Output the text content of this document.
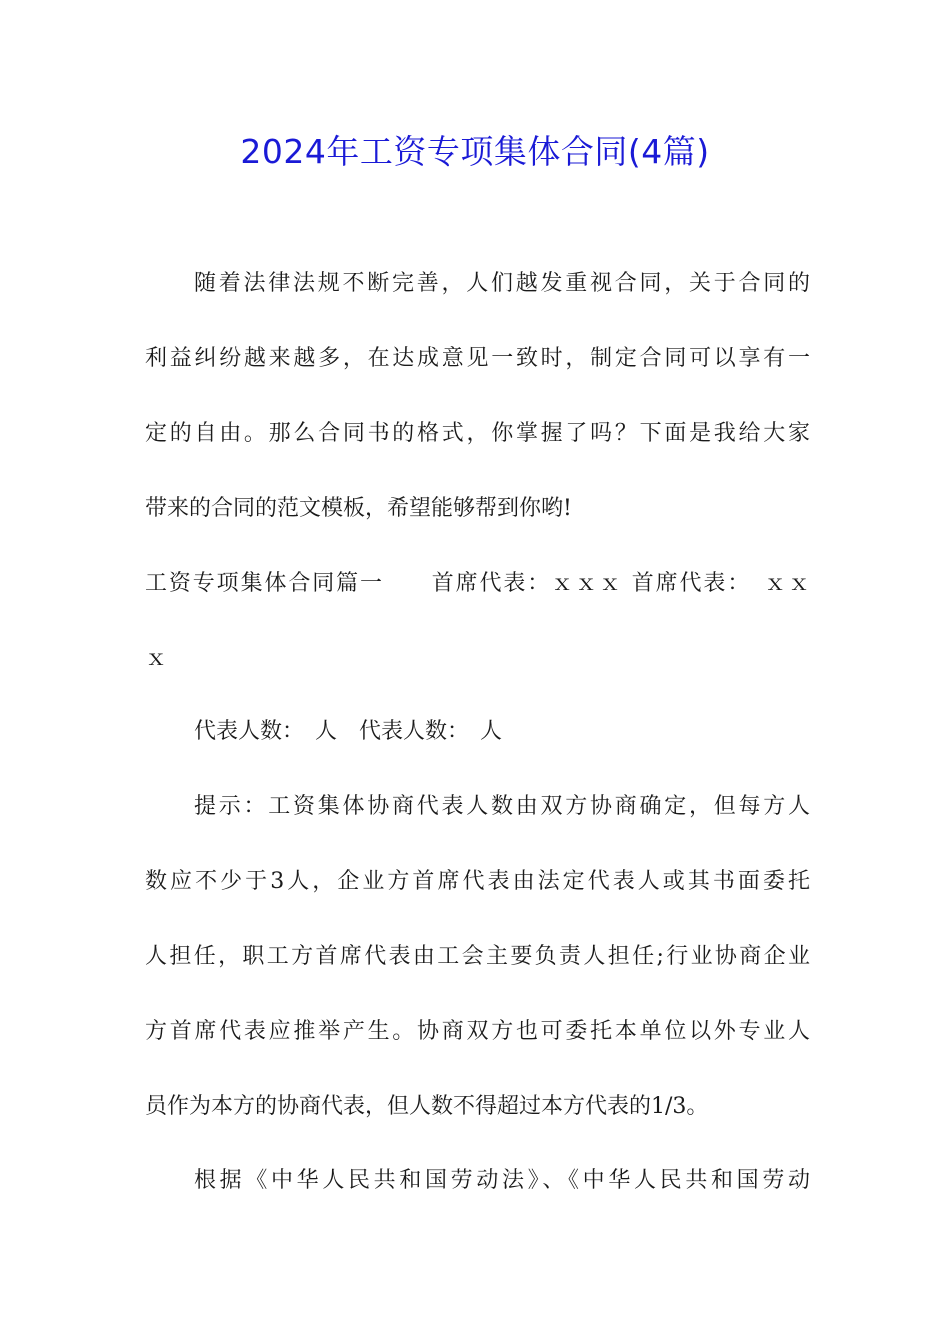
2024年工资专项集体合同(4篇)
随着法律法规不断完善，人们越发重视合同，关于合同的
利益纠纷越来越多，在达成意见一致时，制定合同可以享有一
定的自由。那么合同书的格式，你掌握了吗？下面是我给大家
带来的合同的范文模板，希望能够帮到你哟!
工资专项集体合同篇一　　首席代表：ｘｘｘ 首席代表：　ｘｘ
ｘ
代表人数：　人　代表人数：　人
提示：工资集体协商代表人数由双方协商确定，但每方人
数应不少于3人，企业方首席代表由法定代表人或其书面委托
人担任，职工方首席代表由工会主要负责人担任;行业协商企业
方首席代表应推举产生。协商双方也可委托本单位以外专业人
员作为本方的协商代表，但人数不得超过本方代表的1/3。
根据《中华人民共和国劳动法》、《中华人民共和国劳动
